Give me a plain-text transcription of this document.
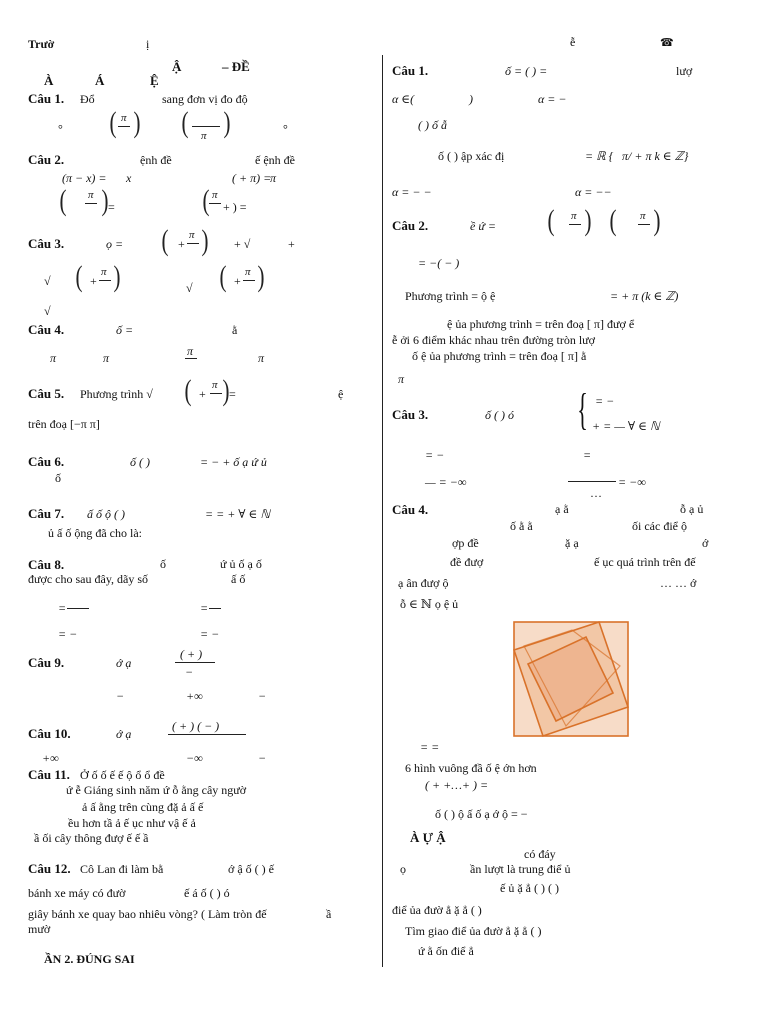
Trườ	ị	ễ	☎
Ậ	– ĐỀ
À	Á	Ệ
Câu 1. Đổ	sang đơn vị đo độ
° ( π ) ( π )	°
Câu 2.	ệnh đề	ế ệnh đề
(π − x) = x	( + π) =
π
( π ) =	( π
+ ) =
Câu 3.	ọ = ( +
π ) + √	+
√ ( +
π )	√ ( +
π )
√
Câu 4.	ố =	ằ
π	π	π	π
Câu 5. Phương trình √ ( +
π ) =	ệ
trên đoạ [−π π]
Câu 6.	ố ( )	= − + ố ạ ứ ủ
ố
Câu 7. ấ ố ộ ( )	= = + ∀ ∈ ℕ
ủ ấ ố ộng đã cho là:
Câu 8.	ố	ứ ủ ố ạ ố
được cho sau đây, dãy số	ấ ố
=	=
= −	= −
Câu 9.	ớ ạ
( + )
−
−	+∞	−
Câu 10.	ớ ạ
( + ) ( − )
+∞	−∞	−
Câu 11. Ở ố ố ế ế ộ ổ ổ đề
ứ ễ Giáng sinh năm ứ ỗ ằng cây ngườ
ả ấ ằng trên cùng đặ ả ấ ế
ều hơn tầ ả ế ục như vậ ế ả
ầ ối cây thông đượ ế ế ầ
Câu 12. Cô Lan đi làm bằ	ớ ậ ố ( ) ế
bánh xe máy có đườ	ế á ố ( ) ó
giây bánh xe quay bao nhiêu vòng? ( Làm tròn đế	ầ
mườ
ẦN 2. ĐÚNG SAI
Câu 1.	ố = ( ) =	lượ
α ∈(	)	α = −
( ) ố ẫ
ố ( ) ập xác đị	= ℝ { π/ + π k ∈ ℤ}
α = − −	α = −−
Câu 2.	ề ứ = ( π ) ( π )
= −( − )
Phương trình = ộ ệ	= + π (k ∈ ℤ)
ệ ủa phương trình = trên đoạ [ π] đượ ể
ễ ởi 6 điểm khác nhau trên đường tròn lượ
ố ệ ủa phương trình = trên đoạ [ π] ằ
π
Câu 3.	ố ( ) ó { = −
+ = — ∀ ∈ ℕ
= −	=
— = −∞	= −∞
…
Câu 4.	ạ ằ	ỗ ạ ủ
ố ằ ằ	ối các điể ộ
ợp đề	ặ ạ	ớ
đề đượ	ế ục quá trình trên đế
ạ ân đượ ộ	… … ớ
ỗ ∈ ℕ ọ ệ ủ
= =
6 hình vuông đầ ố ệ ớn hơn
( + +…+ ) =
ố ( ) ộ ấ ố ạ ớ ộ = −
À Ự Ậ
có đáy
ọ	ần lượt là trung điể ủ
ế ủ ặ ẳ ( ) ( )
điể ủa đườ ẳ ặ ẳ ( )
Tìm giao điể ủa đườ ẳ ặ ẳ ( )
ứ ằ ốn điể ẳ
